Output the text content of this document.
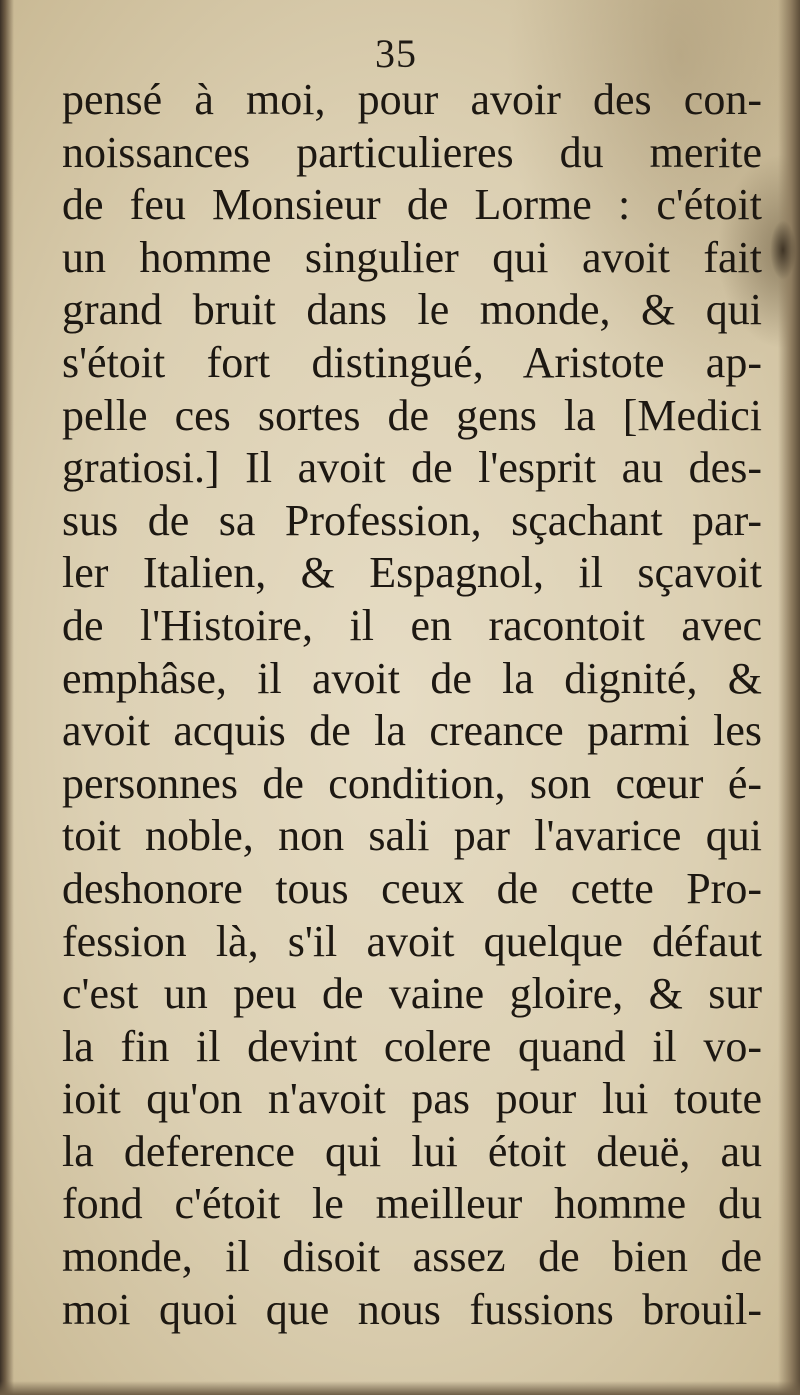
35
pensé à moi, pour avoir des con-
noissances particulieres du merite
de feu Monsieur de Lorme : c'étoit
un homme singulier qui avoit fait
grand bruit dans le monde, & qui
s'étoit fort distingué, Aristote ap-
pelle ces sortes de gens la [Medici
gratiosi.] Il avoit de l'esprit au des-
sus de sa Profession, sçachant par-
ler Italien, & Espagnol, il sçavoit
de l'Histoire, il en racontoit avec
emphâse, il avoit de la dignité, &
avoit acquis de la creance parmi les
personnes de condition, son cœur é-
toit noble, non sali par l'avarice qui
deshonore tous ceux de cette Pro-
fession là, s'il avoit quelque défaut
c'est un peu de vaine gloire, & sur
la fin il devint colere quand il vo-
ioit qu'on n'avoit pas pour lui toute
la deference qui lui étoit deuë, au
fond c'étoit le meilleur homme du
monde, il disoit assez de bien de
moi quoi que nous fussions brouil-
